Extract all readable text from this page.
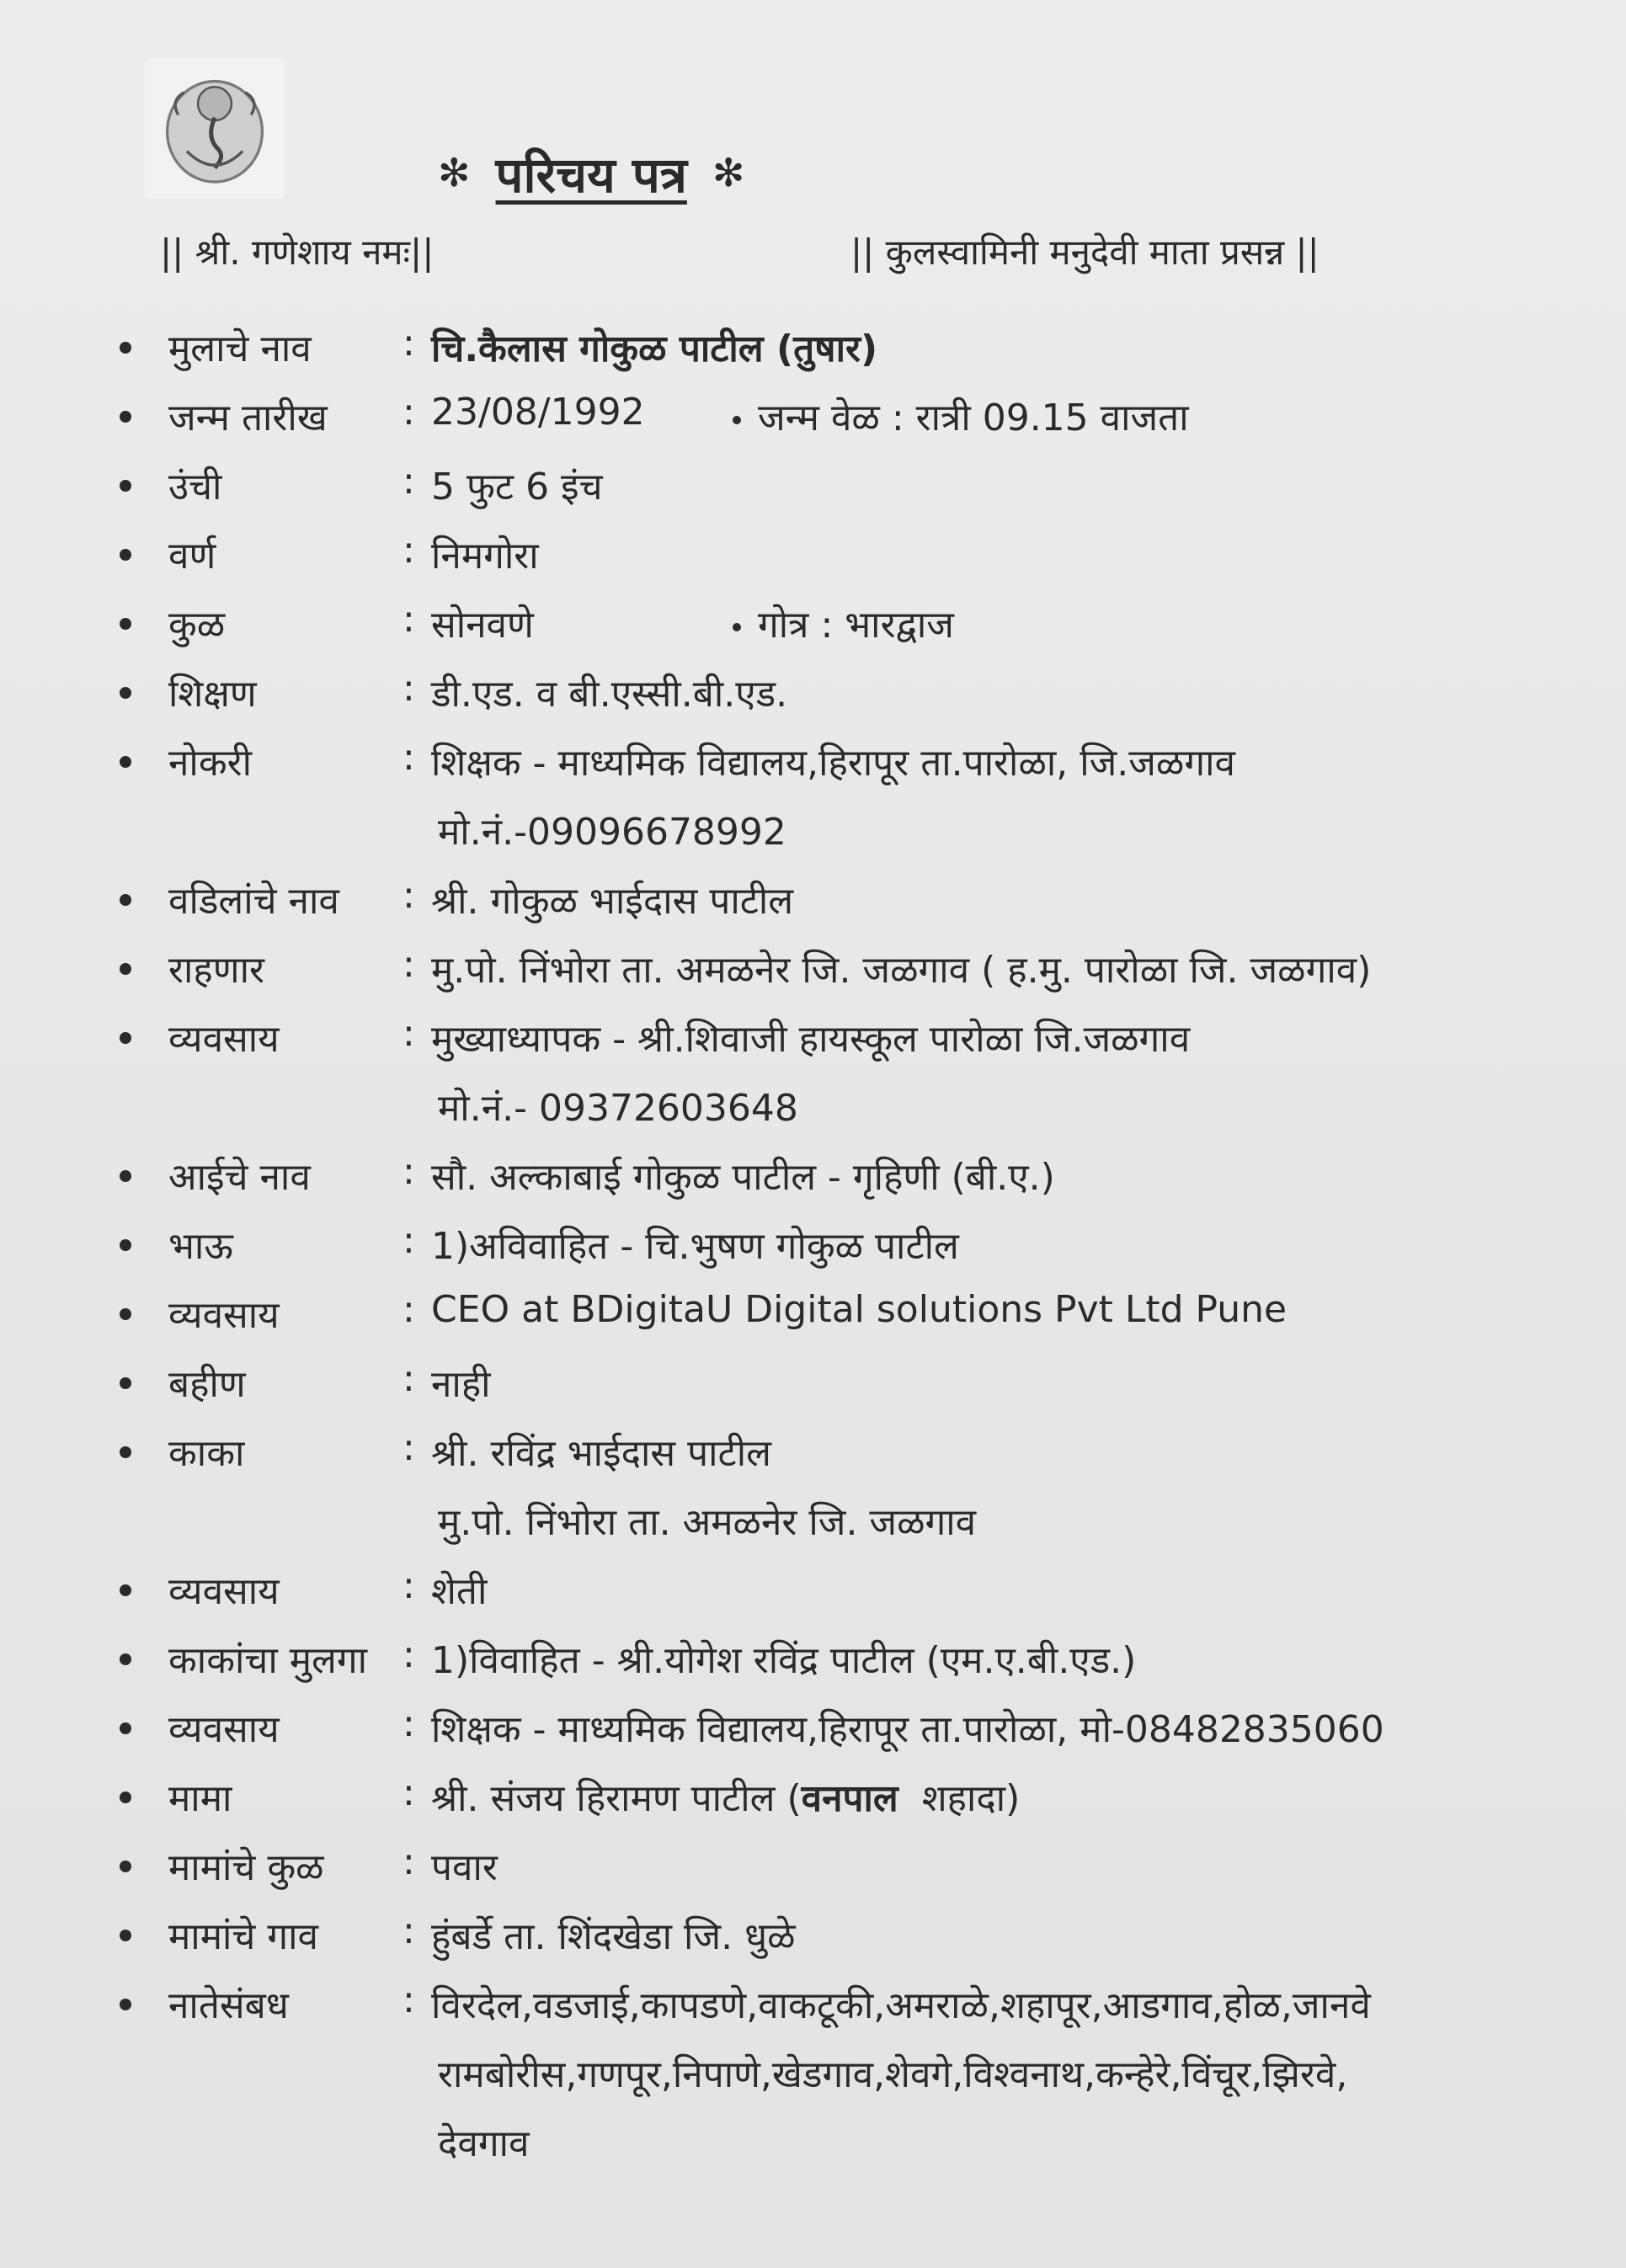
✻ परिचय पत्र ✻
|| श्री. गणेशाय नमः||	|| कुलस्वामिनी मनुदेवी माता प्रसन्न ||
मुलाचे नाव : चि.कैलास गोकुळ पाटील (तुषार)
जन्म तारीख : 23/08/1992	जन्म वेळ : रात्री 09.15 वाजता
उंची	: 5 फुट 6 इंच
वर्ण	: निमगोरा
कुळ	: सोनवणे	गोत्र : भारद्वाज
शिक्षण	: डी.एड. व बी.एस्सी.बी.एड.
नोकरी	: शिक्षक - माध्यमिक विद्यालय,हिरापूर ता.पारोळा, जि.जळगाव
मो.नं.-09096678992
वडिलांचे नाव : श्री. गोकुळ भाईदास पाटील
राहणार	: मु.पो. निंभोरा ता. अमळनेर जि. जळगाव ( ह.मु. पारोळा जि. जळगाव)
व्यवसाय	: मुख्याध्यापक - श्री.शिवाजी हायस्कूल पारोळा जि.जळगाव
मो.नं.- 09372603648
आईचे नाव : सौ. अल्काबाई गोकुळ पाटील - गृहिणी (बी.ए.)
भाऊ	: 1)अविवाहित - चि.भुषण गोकुळ पाटील
व्यवसाय	: CEO at BDigitaU Digital solutions Pvt Ltd Pune
बहीण	: नाही
काका	: श्री. रविंद्र भाईदास पाटील
मु.पो. निंभोरा ता. अमळनेर जि. जळगाव
व्यवसाय	: शेती
काकांचा मुलगा : 1)विवाहित - श्री.योगेश रविंद्र पाटील (एम.ए.बी.एड.)
व्यवसाय	: शिक्षक - माध्यमिक विद्यालय,हिरापूर ता.पारोळा, मो-08482835060
मामा	: श्री. संजय हिरामण पाटील (वनपाल  शहादा)
मामांचे कुळ : पवार
मामांचे गाव : हुंबर्डे ता. शिंदखेडा जि. धुळे
नातेसंबध	: विरदेल,वडजाई,कापडणे,वाकटूकी,अमराळे,शहापूर,आडगाव,होळ,जानवे
रामबोरीस,गणपूर,निपाणे,खेडगाव,शेवगे,विश्वनाथ,कन्हेरे,विंचूर,झिरवे,
देवगाव
